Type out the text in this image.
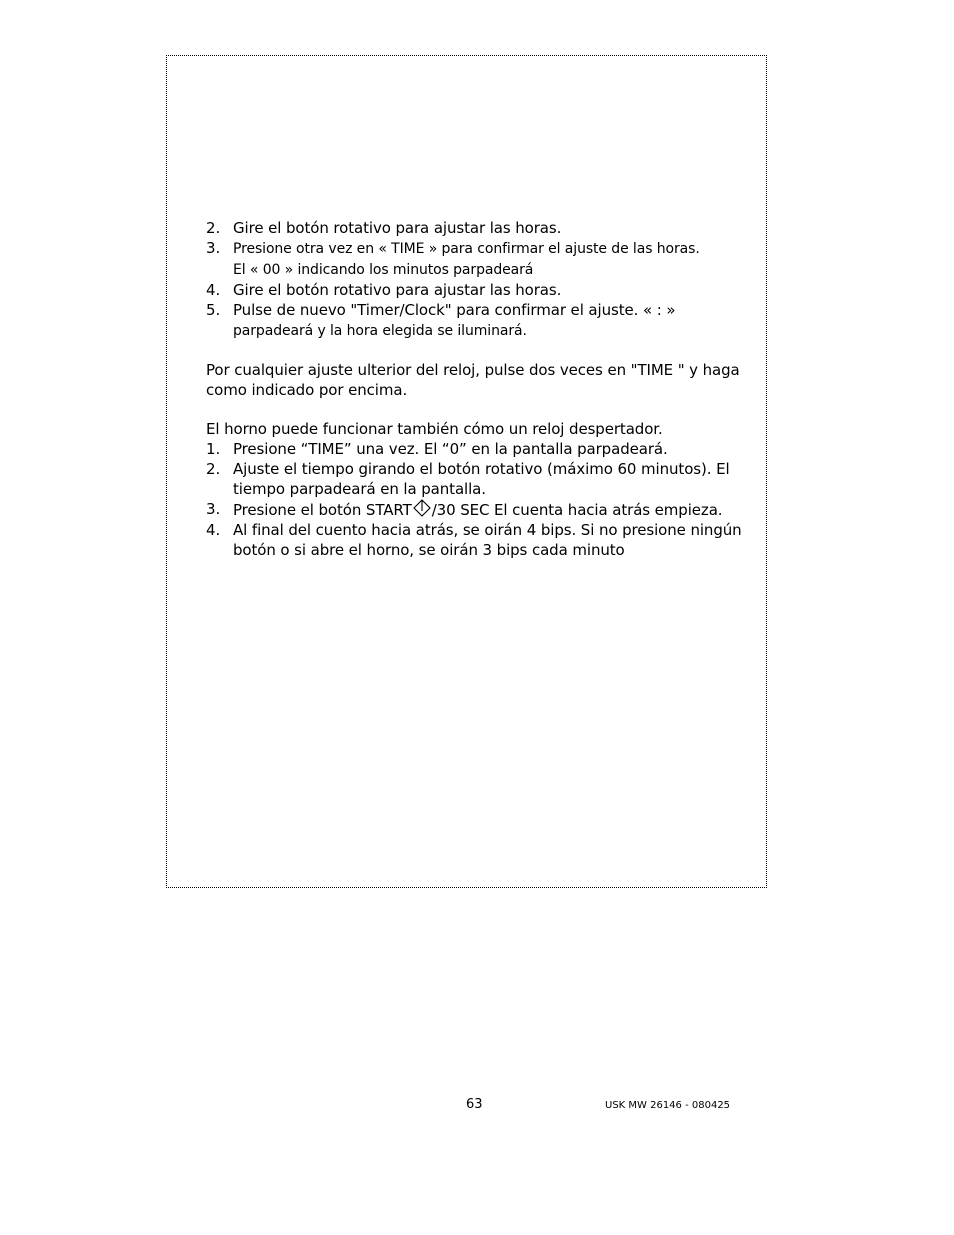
2. Gire el botón rotativo para ajustar las horas.
3. Presione otra vez en « TIME » para confirmar el ajuste de las horas.
El « 00 » indicando los minutos parpadeará
4. Gire el botón rotativo para ajustar las horas.
5. Pulse de nuevo "Timer/Clock" para confirmar el ajuste. « : »
parpadeará y la hora elegida se iluminará.

Por cualquier ajuste ulterior del reloj, pulse dos veces en "TIME " y haga como indicado por encima.

El horno puede funcionar también cómo un reloj despertador.

1. Presione “TIME” una vez. El “0” en la pantalla parpadeará.
2. Ajuste el tiempo girando el botón rotativo (máximo 60 minutos). El tiempo parpadeará en la pantalla.
3. Presione el botón START /30 SEC El cuenta hacia atrás empieza.
4. Al final del cuento hacia atrás, se oirán 4 bips. Si no presione ningún botón o si abre el horno, se oirán 3 bips cada minuto
63	USK MW 26146 - 080425
